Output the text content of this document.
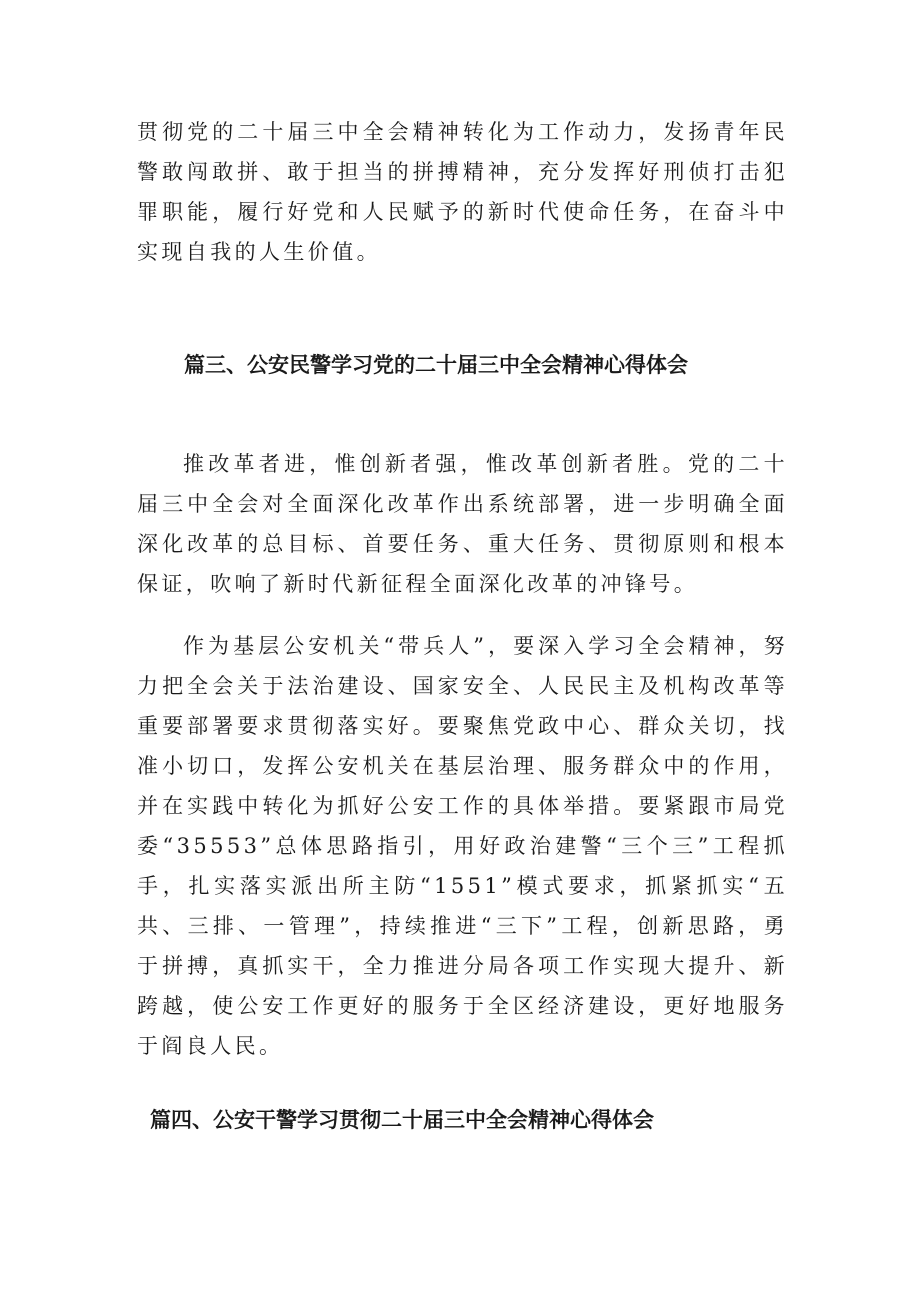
贯彻党的二十届三中全会精神转化为工作动力，发扬青年民警敢闯敢拼、敢于担当的拼搏精神，充分发挥好刑侦打击犯罪职能，履行好党和人民赋予的新时代使命任务，在奋斗中实现自我的人生价值。

篇三、公安民警学习党的二十届三中全会精神心得体会

推改革者进，惟创新者强，惟改革创新者胜。党的二十届三中全会对全面深化改革作出系统部署，进一步明确全面深化改革的总目标、首要任务、重大任务、贯彻原则和根本保证，吹响了新时代新征程全面深化改革的冲锋号。

作为基层公安机关“带兵人”，要深入学习全会精神，努力把全会关于法治建设、国家安全、人民民主及机构改革等重要部署要求贯彻落实好。要聚焦党政中心、群众关切，找准小切口，发挥公安机关在基层治理、服务群众中的作用，并在实践中转化为抓好公安工作的具体举措。要紧跟市局党委“35553”总体思路指引，用好政治建警“三个三”工程抓手，扎实落实派出所主防“1551”模式要求，抓紧抓实“五共、三排、一管理”，持续推进“三下”工程，创新思路，勇于拼搏，真抓实干，全力推进分局各项工作实现大提升、新跨越，使公安工作更好的服务于全区经济建设，更好地服务于阎良人民。

篇四、公安干警学习贯彻二十届三中全会精神心得体会
